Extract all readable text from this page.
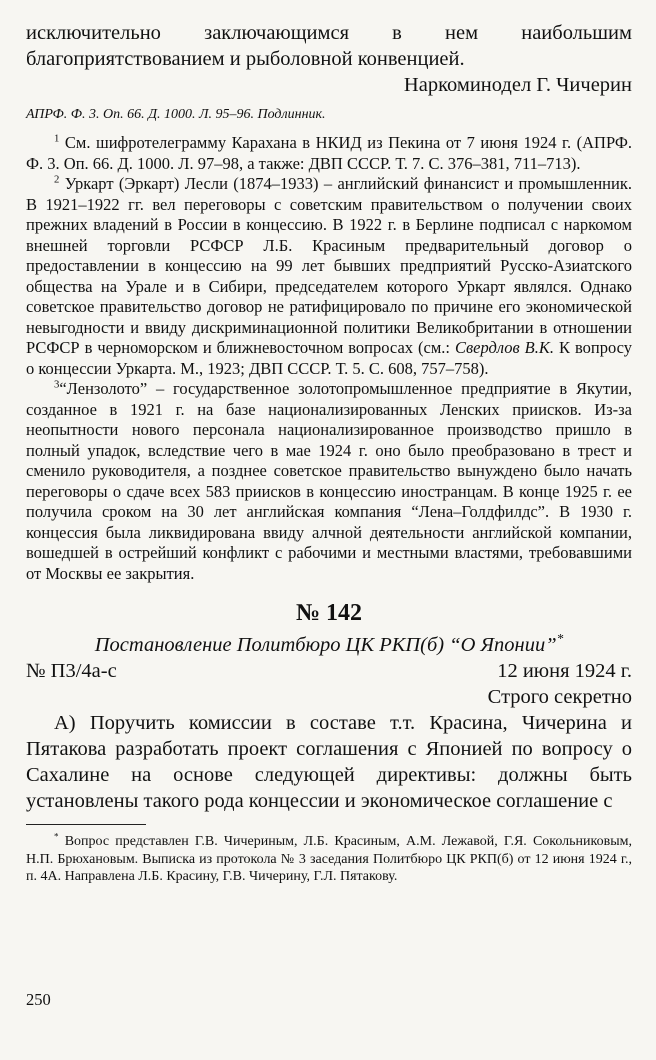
исключительно заключающимся в нем наибольшим благоприятствованием и рыболовной конвенцией.

Наркоминодел Г. Чичерин

АПРФ. Ф. 3. Оп. 66. Д. 1000. Л. 95–96. Подлинник.

$^1$ См. шифротелеграмму Карахана в НКИД из Пекина от 7 июня 1924 г. (АПРФ. Ф. 3. Оп. 66. Д. 1000. Л. 97–98, а также: ДВП СССР. Т. 7. С. 376–381, 711–713).

$^2$ Уркарт (Эркарт) Лесли (1874–1933) – английский финансист и промышленник. В 1921–1922 гг. вел переговоры с советским правительством о получении своих прежних владений в России в концессию. В 1922 г. в Берлине подписал с наркомом внешней торговли РСФСР Л.Б. Красиным предварительный договор о предоставлении в концессию на 99 лет бывших предприятий Русско-Азиатского общества на Урале и в Сибири, председателем которого Уркарт являлся. Однако советское правительство договор не ратифицировало по причине его экономической невыгодности и ввиду дискриминационной политики Великобритании в отношении РСФСР в черноморском и ближневосточном вопросах (см.: Свердлов В.К. К вопросу о концессии Уркарта. М., 1923; ДВП СССР. Т. 5. С. 608, 757–758).

$^3$“Лензолото” – государственное золотопромышленное предприятие в Якутии, созданное в 1921 г. на базе национализированных Ленских приисков. Из-за неопытности нового персонала национализированное производство пришло в полный упадок, вследствие чего в мае 1924 г. оно было преобразовано в трест и сменило руководителя, а позднее советское правительство вынуждено было начать переговоры о сдаче всех 583 приисков в концессию иностранцам. В конце 1925 г. ее получила сроком на 30 лет английская компания “Лена–Голдфилдс”. В 1930 г. концессия была ликвидирована ввиду алчной деятельности английской компании, вошедшей в острейший конфликт с рабочими и местными властями, требовавшими от Москвы ее закрытия.

№ 142

Постановление Политбюро ЦК РКП(б) “О Японии”*

№ П3/4а-с	12 июня 1924 г.

Строго секретно

А) Поручить комиссии в составе т.т. Красина, Чичерина и Пятакова разработать проект соглашения с Японией по вопросу о Сахалине на основе следующей директивы: должны быть установлены такого рода концессии и экономическое соглашение с

* Вопрос представлен Г.В. Чичериным, Л.Б. Красиным, А.М. Лежавой, Г.Я. Сокольниковым, Н.П. Брюхановым. Выписка из протокола № 3 заседания Политбюро ЦК РКП(б) от 12 июня 1924 г., п. 4А. Направлена Л.Б. Красину, Г.В. Чичерину, Г.Л. Пятакову.

250
